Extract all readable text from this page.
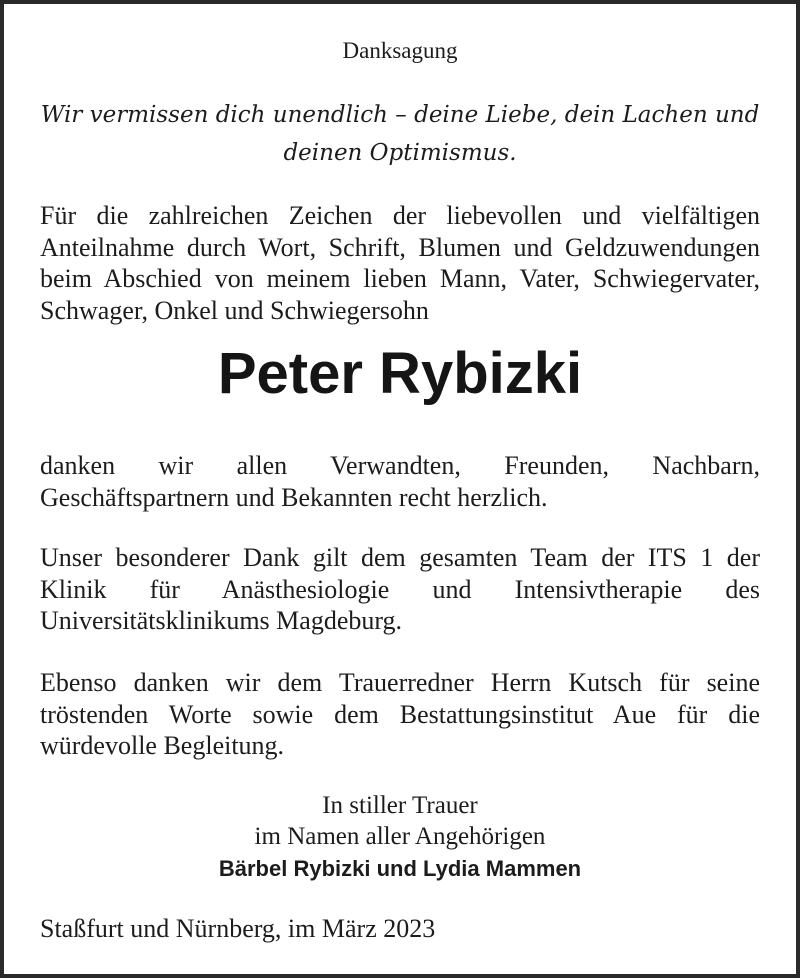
Danksagung
Wir vermissen dich unendlich – deine Liebe, dein Lachen und deinen Optimismus.
Für die zahlreichen Zeichen der liebevollen und vielfältigen Anteilnahme durch Wort, Schrift, Blumen und Geldzuwendungen beim Abschied von meinem lieben Mann, Vater, Schwiegervater, Schwager, Onkel und Schwiegersohn
Peter Rybizki
danken wir allen Verwandten, Freunden, Nachbarn, Geschäftspartnern und Bekannten recht herzlich.
Unser besonderer Dank gilt dem gesamten Team der ITS 1 der Klinik für Anästhesiologie und Intensivtherapie des Universitätsklinikums Magdeburg.
Ebenso danken wir dem Trauerredner Herrn Kutsch für seine tröstenden Worte sowie dem Bestattungsinstitut Aue für die würdevolle Begleitung.
In stiller Trauer
im Namen aller Angehörigen
Bärbel Rybizki und Lydia Mammen
Staßfurt und Nürnberg, im März 2023
